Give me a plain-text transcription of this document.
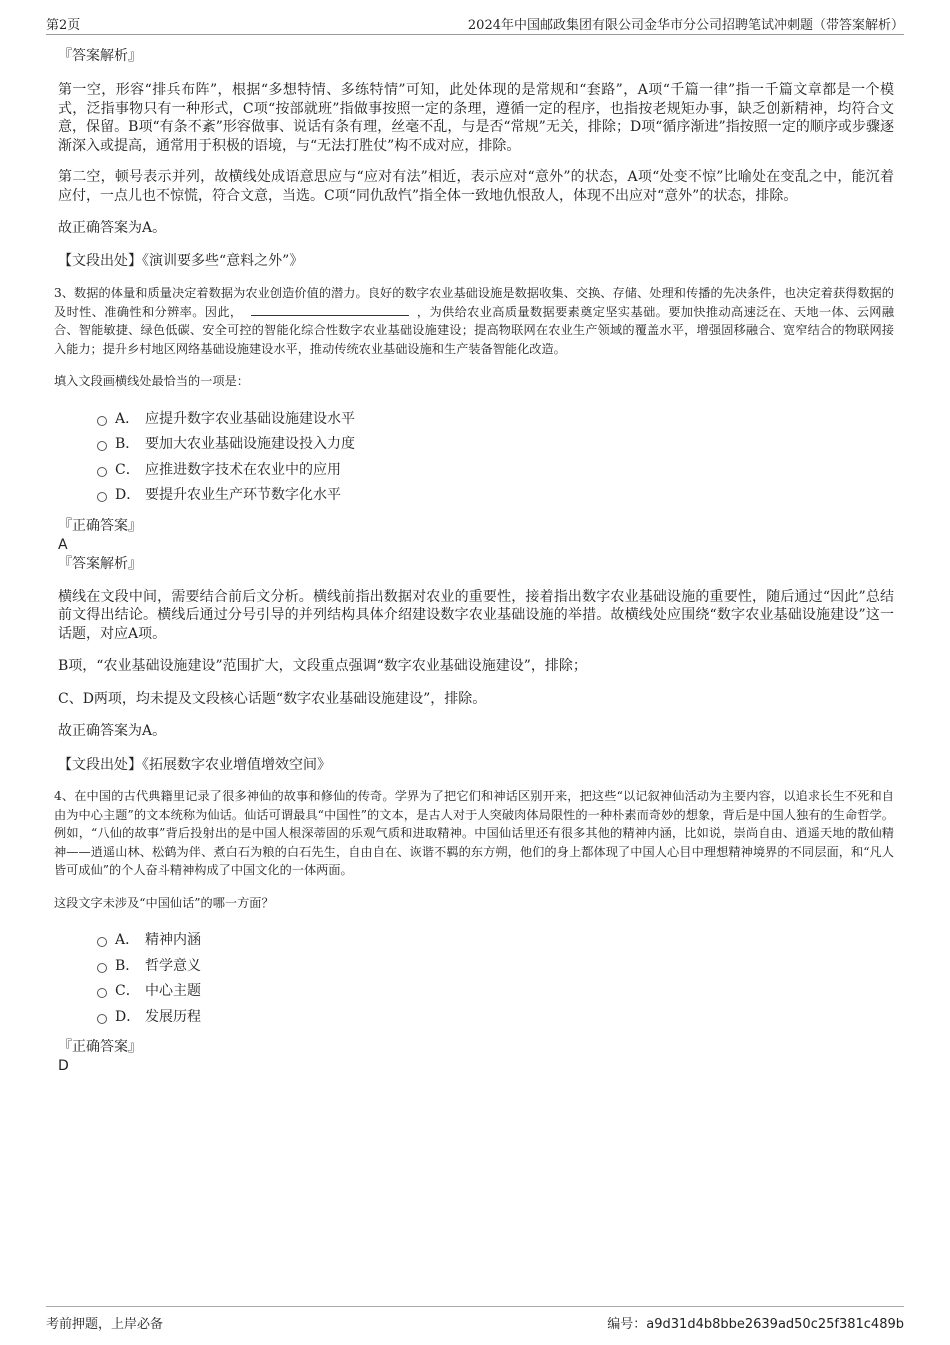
第2页	2024年中国邮政集团有限公司金华市分公司招聘笔试冲刺题（带答案解析）

『答案解析』

第一空，形容“排兵布阵”，根据“多想特情、多练特情”可知，此处体现的是常规和“套路”，A项“千篇一律”指一千篇文章都是一个模式，泛指事物只有一种形式，C项“按部就班”指做事按照一定的条理，遵循一定的程序，也指按老规矩办事，缺乏创新精神，均符合文意，保留。B项“有条不紊”形容做事、说话有条有理，丝毫不乱，与是否“常规”无关，排除；D项“循序渐进”指按照一定的顺序或步骤逐渐深入或提高，通常用于积极的语境，与“无法打胜仗”构不成对应，排除。

第二空，顿号表示并列，故横线处成语意思应与“应对有法”相近，表示应对“意外”的状态，A项“处变不惊”比喻处在变乱之中，能沉着应付，一点儿也不惊慌，符合文意，当选。C项“同仇敌忾”指全体一致地仇恨敌人，体现不出应对“意外”的状态，排除。

故正确答案为A。

【文段出处】《演训要多些“意料之外”》

3、数据的体量和质量决定着数据为农业创造价值的潜力。良好的数字农业基础设施是数据收集、交换、存储、处理和传播的先决条件，也决定着获得数据的及时性、准确性和分辨率。因此，	，为供给农业高质量数据要素奠定坚实基础。要加快推动高速泛在、天地一体、云网融合、智能敏捷、绿色低碳、安全可控的智能化综合性数字农业基础设施建设；提高物联网在农业生产领域的覆盖水平，增强固移融合、宽窄结合的物联网接入能力；提升乡村地区网络基础设施建设水平，推动传统农业基础设施和生产装备智能化改造。

填入文段画横线处最恰当的一项是：

A． 应提升数字农业基础设施建设水平
B． 要加大农业基础设施建设投入力度
C． 应推进数字技术在农业中的应用
D． 要提升农业生产环节数字化水平

『正确答案』

A

『答案解析』

横线在文段中间，需要结合前后文分析。横线前指出数据对农业的重要性，接着指出数字农业基础设施的重要性，随后通过“因此”总结前文得出结论。横线后通过分号引导的并列结构具体介绍建设数字农业基础设施的举措。故横线处应围绕“数字农业基础设施建设”这一话题，对应A项。

B项，“农业基础设施建设”范围扩大，文段重点强调“数字农业基础设施建设”，排除；

C、D两项，均未提及文段核心话题“数字农业基础设施建设”，排除。

故正确答案为A。

【文段出处】《拓展数字农业增值增效空间》

4、在中国的古代典籍里记录了很多神仙的故事和修仙的传奇。学界为了把它们和神话区别开来，把这些“以记叙神仙活动为主要内容，以追求长生不死和自由为中心主题”的文本统称为仙话。仙话可谓最具“中国性”的文本，是古人对于人突破肉体局限性的一种朴素而奇妙的想象，背后是中国人独有的生命哲学。例如，“八仙的故事”背后投射出的是中国人根深蒂固的乐观气质和进取精神。中国仙话里还有很多其他的精神内涵，比如说，崇尚自由、逍遥天地的散仙精神——逍遥山林、松鹤为伴、煮白石为粮的白石先生，自由自在、诙谐不羁的东方朔，他们的身上都体现了中国人心目中理想精神境界的不同层面，和“凡人皆可成仙”的个人奋斗精神构成了中国文化的一体两面。

这段文字未涉及“中国仙话”的哪一方面？

A． 精神内涵
B． 哲学意义
C． 中心主题
D． 发展历程

『正确答案』

D

考前押题，上岸必备	编号：a9d31d4b8bbe2639ad50c25f381c489b
